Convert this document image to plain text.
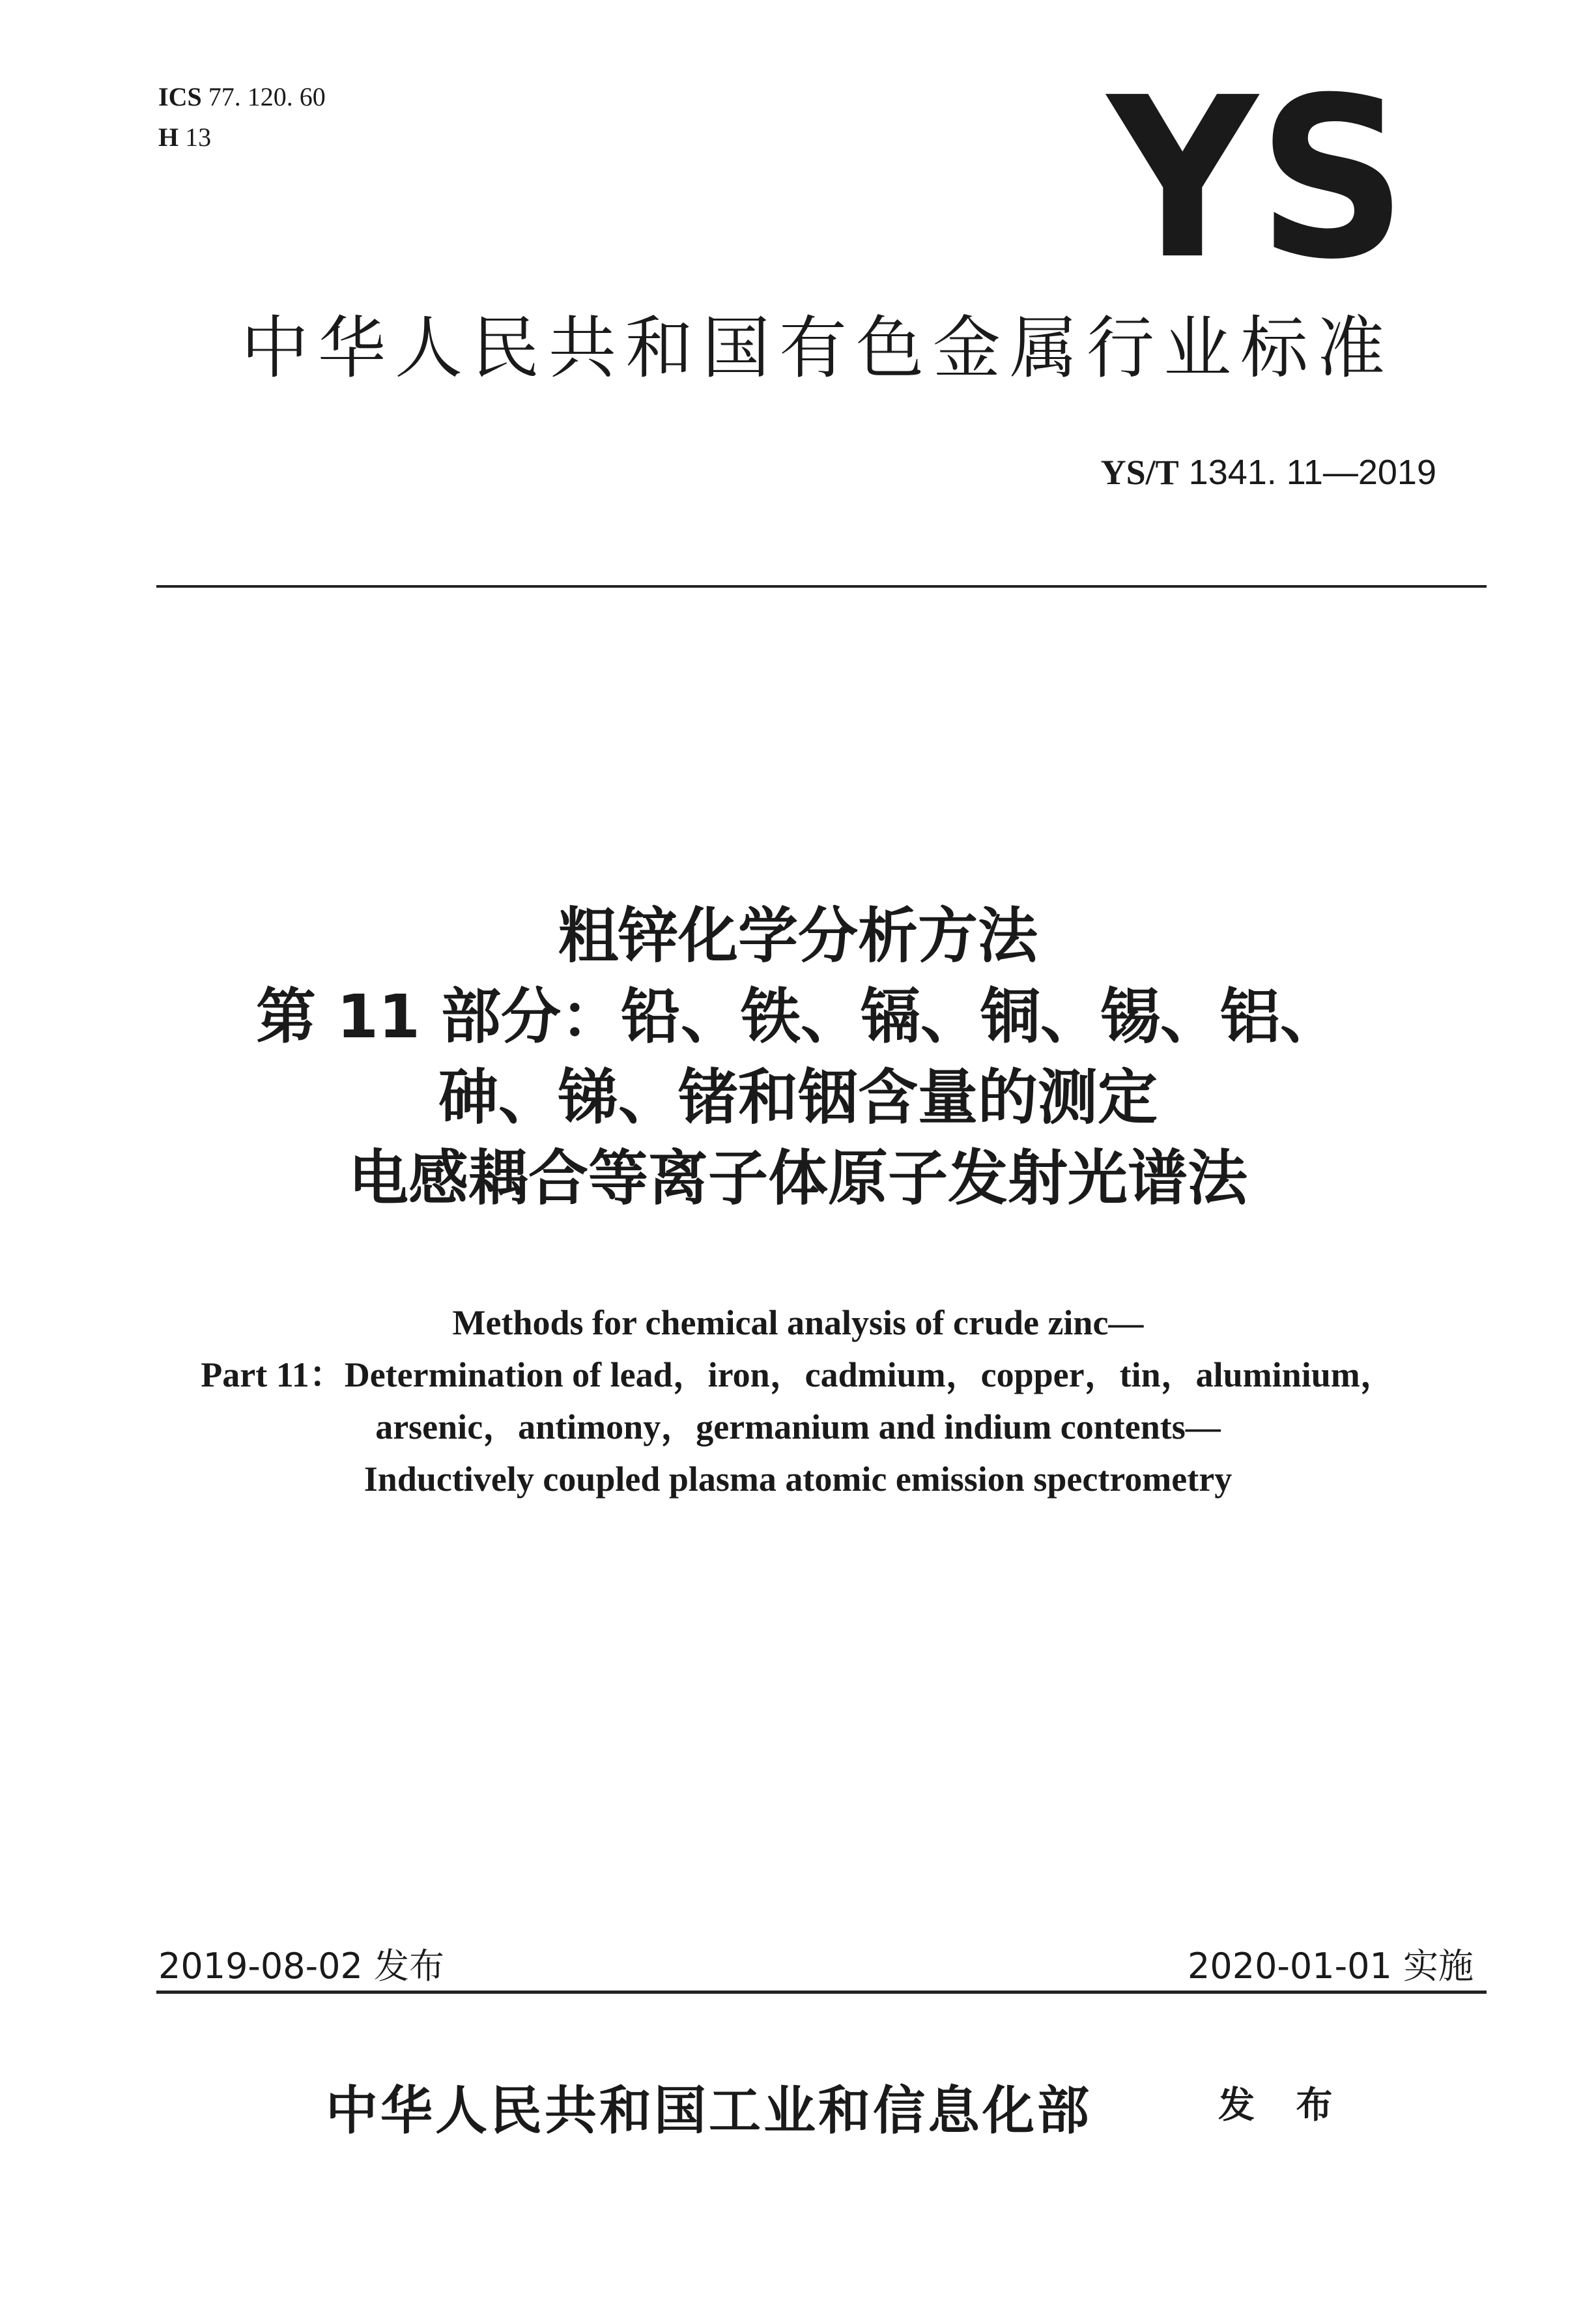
ICS 77. 120. 60
H 13	YS
中华人民共和国有色金属行业标准
YS/T 1341. 11—2019
粗锌化学分析方法
第 11 部分：铅、铁、镉、铜、锡、铝、
砷、锑、锗和铟含量的测定
电感耦合等离子体原子发射光谱法
Methods for chemical analysis of crude zinc—
Part 11：Determination of lead，iron，cadmium，copper，tin，aluminium，
arsenic，antimony，germanium and indium contents—
Inductively coupled plasma atomic emission spectrometry
2019-08-02 发布	2020-01-01 实施
中华人民共和国工业和信息化部	发 布
